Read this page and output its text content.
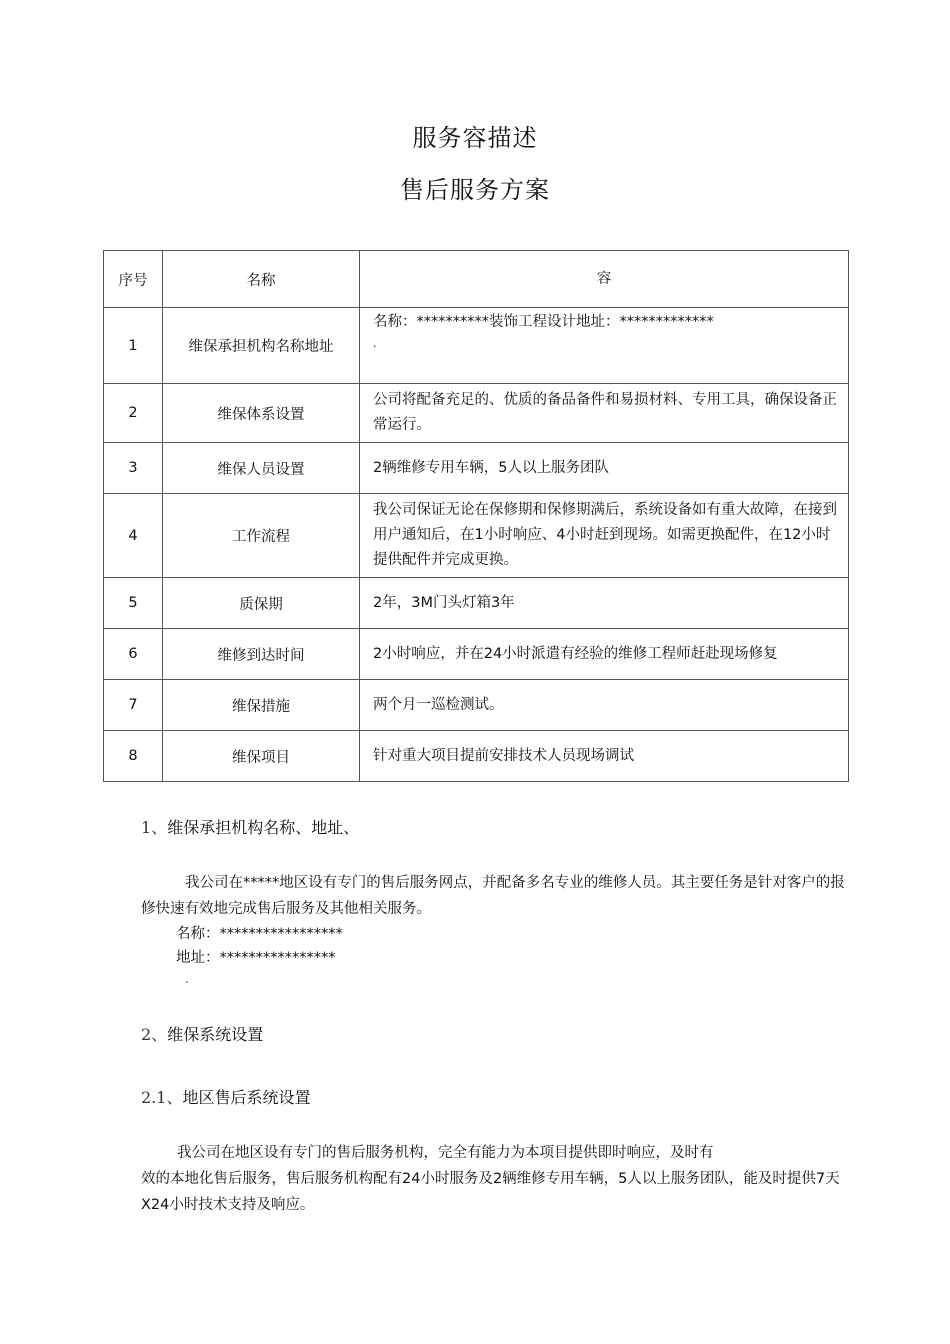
服务容描述
售后服务方案
序号	名称	容
1	维保承担机构名称地址	名称：**********装饰工程设计地址：*************
.

2	维保体系设置	公司将配备充足的、优质的备品备件和易损材料、专用工具，确保设备正常运行。
3	维保人员设置	2辆维修专用车辆，5人以上服务团队
4	工作流程	我公司保证无论在保修期和保修期满后，系统设备如有重大故障，在接到用户通知后，在1小时响应、4小时赶到现场。如需更换配件，在12小时提供配件并完成更换。
5	质保期	2年，3M门头灯箱3年
6	维修到达时间	2小时响应，并在24小时派遣有经验的维修工程师赶赴现场修复
7	维保措施	两个月一巡检测试。
8	维保项目	针对重大项目提前安排技术人员现场调试
1、维保承担机构名称、地址、
我公司在*****地区设有专门的售后服务网点，并配备多名专业的维修人员。其主要任务是针对客户的报修快速有效地完成售后服务及其他相关服务。
名称：*****************
地址：****************
.
2、维保系统设置
2.1、地区售后系统设置
我公司在地区设有专门的售后服务机构，完全有能力为本项目提供即时响应，及时有
效的本地化售后服务，售后服务机构配有24小时服务及2辆维修专用车辆，5人以上服务团队，能及时提供7天X24小时技术支持及响应。
